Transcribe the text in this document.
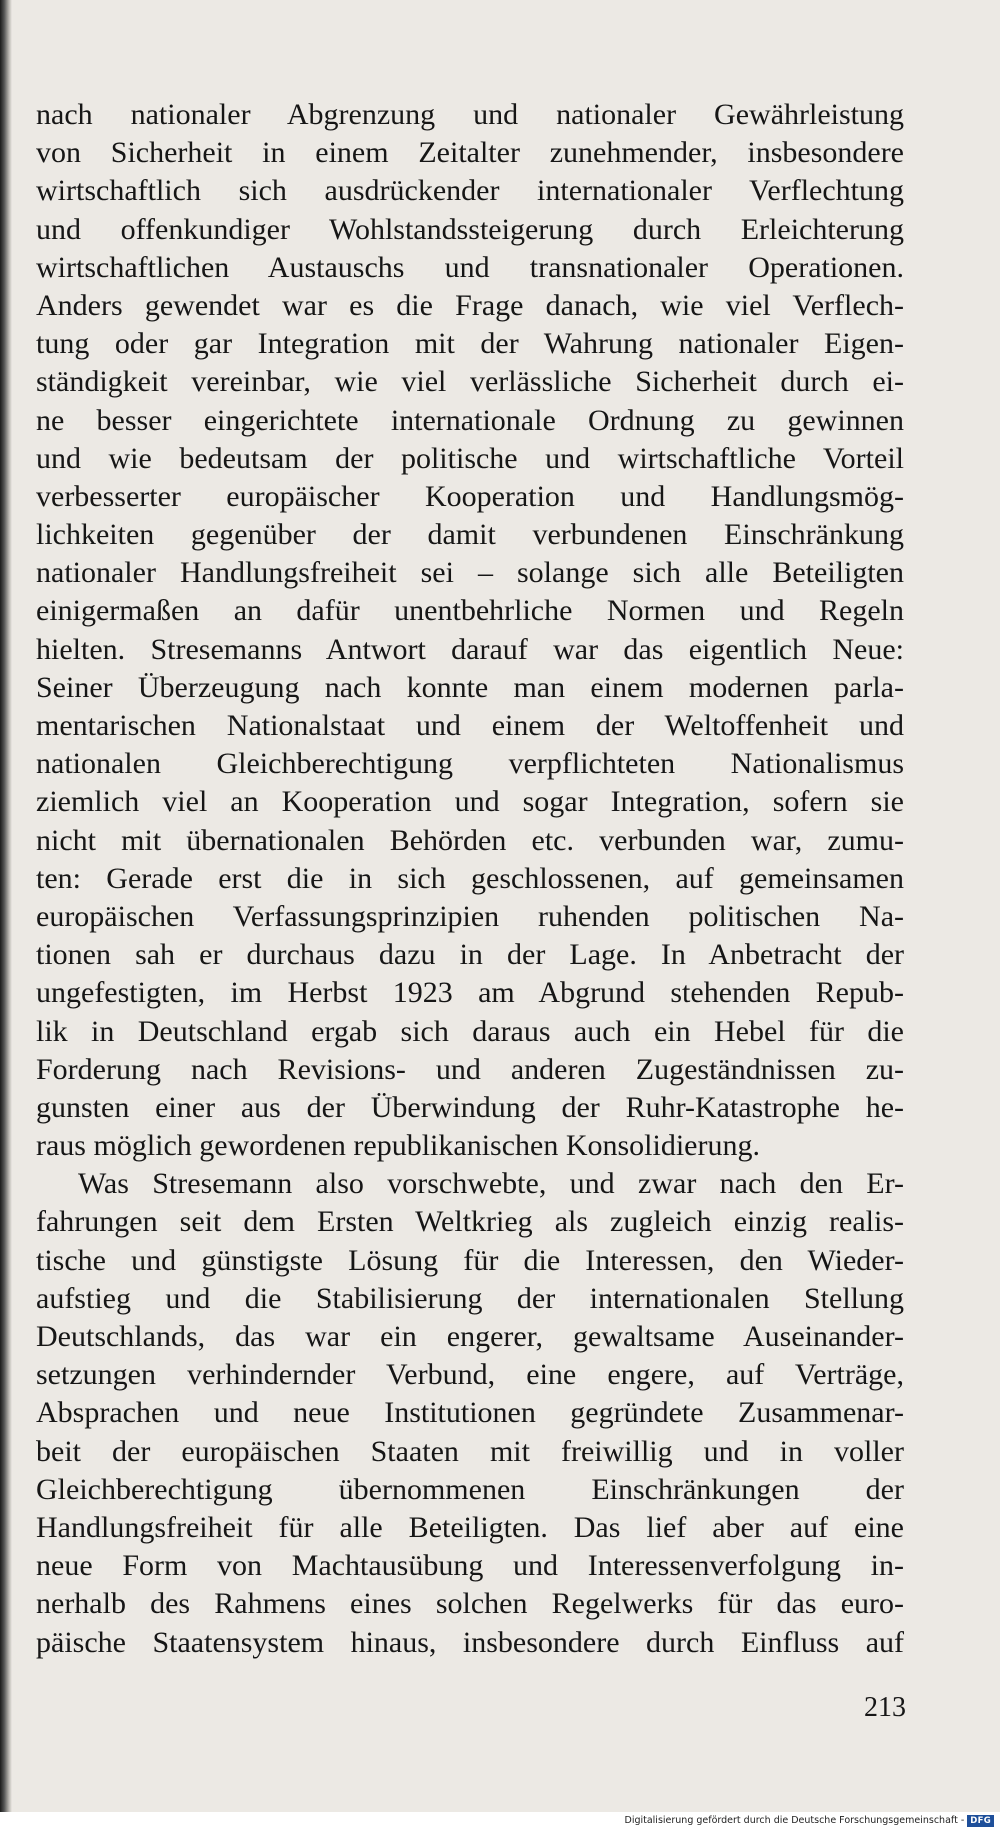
nach nationaler Abgrenzung und nationaler Gewährleistung
von Sicherheit in einem Zeitalter zunehmender, insbesondere
wirtschaftlich sich ausdrückender internationaler Verflechtung
und offenkundiger Wohlstandssteigerung durch Erleichterung
wirtschaftlichen Austauschs und transnationaler Operationen.
Anders gewendet war es die Frage danach, wie viel Verflech-
tung oder gar Integration mit der Wahrung nationaler Eigen-
ständigkeit vereinbar, wie viel verlässliche Sicherheit durch ei-
ne besser eingerichtete internationale Ordnung zu gewinnen
und wie bedeutsam der politische und wirtschaftliche Vorteil
verbesserter europäischer Kooperation und Handlungsmög-
lichkeiten gegenüber der damit verbundenen Einschränkung
nationaler Handlungsfreiheit sei – solange sich alle Beteiligten
einigermaßen an dafür unentbehrliche Normen und Regeln
hielten. Stresemanns Antwort darauf war das eigentlich Neue:
Seiner Überzeugung nach konnte man einem modernen parla-
mentarischen Nationalstaat und einem der Weltoffenheit und
nationalen Gleichberechtigung verpflichteten Nationalismus
ziemlich viel an Kooperation und sogar Integration, sofern sie
nicht mit übernationalen Behörden etc. verbunden war, zumu-
ten: Gerade erst die in sich geschlossenen, auf gemeinsamen
europäischen Verfassungsprinzipien ruhenden politischen Na-
tionen sah er durchaus dazu in der Lage. In Anbetracht der
ungefestigten, im Herbst 1923 am Abgrund stehenden Repub-
lik in Deutschland ergab sich daraus auch ein Hebel für die
Forderung nach Revisions- und anderen Zugeständnissen zu-
gunsten einer aus der Überwindung der Ruhr-Katastrophe he-
raus möglich gewordenen republikanischen Konsolidierung.
Was Stresemann also vorschwebte, und zwar nach den Er-
fahrungen seit dem Ersten Weltkrieg als zugleich einzig realis-
tische und günstigste Lösung für die Interessen, den Wieder-
aufstieg und die Stabilisierung der internationalen Stellung
Deutschlands, das war ein engerer, gewaltsame Auseinander-
setzungen verhindernder Verbund, eine engere, auf Verträge,
Absprachen und neue Institutionen gegründete Zusammenar-
beit der europäischen Staaten mit freiwillig und in voller
Gleichberechtigung übernommenen Einschränkungen der
Handlungsfreiheit für alle Beteiligten. Das lief aber auf eine
neue Form von Machtausübung und Interessenverfolgung in-
nerhalb des Rahmens eines solchen Regelwerks für das euro-
päische Staatensystem hinaus, insbesondere durch Einfluss auf
213
Digitalisierung gefördert durch die Deutsche Forschungsgemeinschaft - DFG
